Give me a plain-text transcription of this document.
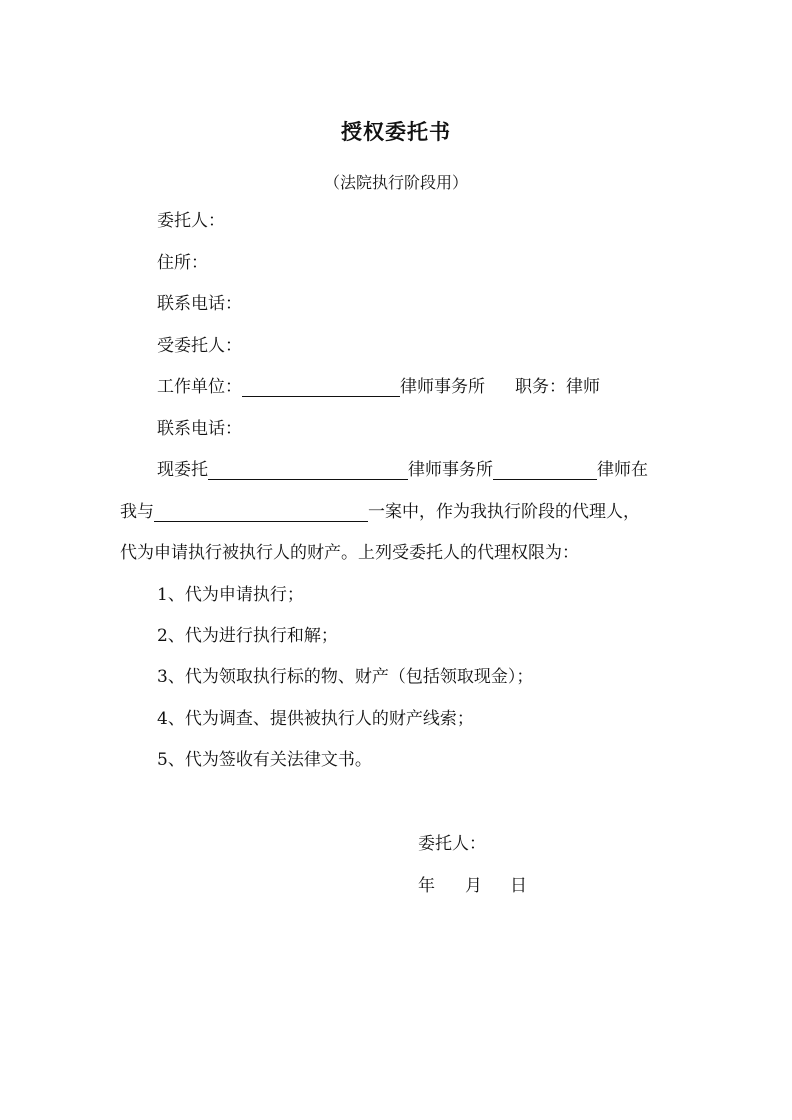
授权委托书
（法院执行阶段用）
委托人：
住所：
联系电话：
受委托人：
工作单位：	律师事务所 职务：律师
联系电话：
现委托	律师事务所	律师在
我与	一案中，作为我执行阶段的代理人，
代为申请执行被执行人的财产。上列受委托人的代理权限为：
1、代为申请执行；
2、代为进行执行和解；
3、代为领取执行标的物、财产（包括领取现金）；
4、代为调查、提供被执行人的财产线索；
5、代为签收有关法律文书。
委托人：
年 月 日
